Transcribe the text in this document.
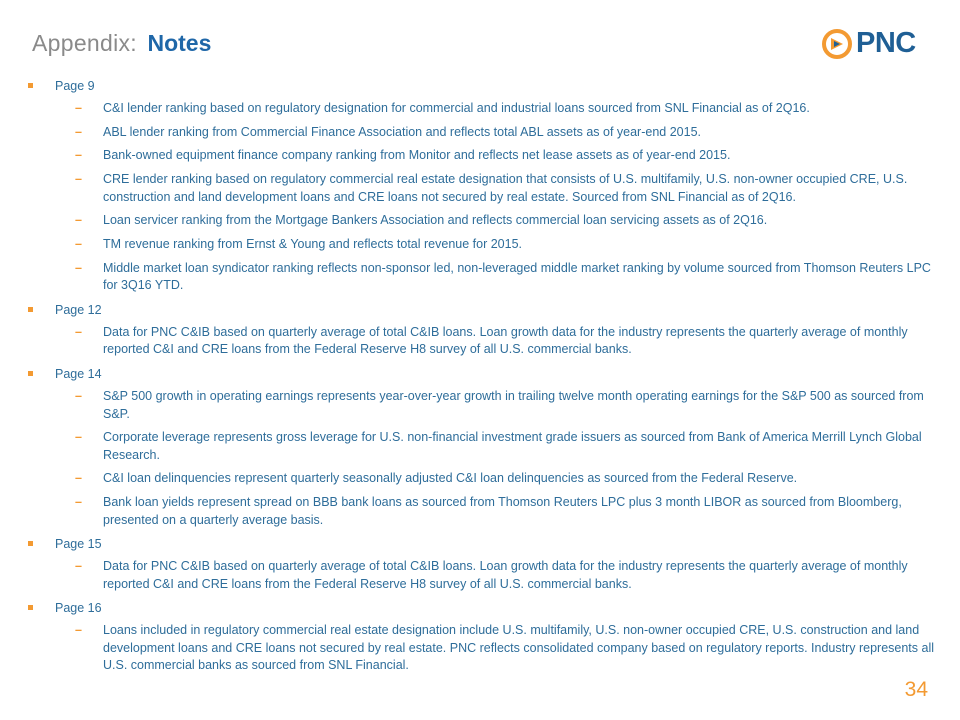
Appendix: Notes	PNC
Page 9
– C&I lender ranking based on regulatory designation for commercial and industrial loans sourced from SNL Financial as of 2Q16.
– ABL lender ranking from Commercial Finance Association and reflects total ABL assets as of year-end 2015.
– Bank-owned equipment finance company ranking from Monitor and reflects net lease assets as of year-end 2015.
– CRE lender ranking based on regulatory commercial real estate designation that consists of U.S. multifamily, U.S. non-owner occupied CRE, U.S. construction and land development loans and CRE loans not secured by real estate. Sourced from SNL Financial as of 2Q16.
– Loan servicer ranking from the Mortgage Bankers Association and reflects commercial loan servicing assets as of 2Q16.
– TM revenue ranking from Ernst & Young and reflects total revenue for 2015.
– Middle market loan syndicator ranking reflects non-sponsor led, non-leveraged middle market ranking by volume sourced from Thomson Reuters LPC for 3Q16 YTD.
Page 12
– Data for PNC C&IB based on quarterly average of total C&IB loans. Loan growth data for the industry represents the quarterly average of monthly reported C&I and CRE loans from the Federal Reserve H8 survey of all U.S. commercial banks.
Page 14
– S&P 500 growth in operating earnings represents year-over-year growth in trailing twelve month operating earnings for the S&P 500 as sourced from S&P.
– Corporate leverage represents gross leverage for U.S. non-financial investment grade issuers as sourced from Bank of America Merrill Lynch Global Research.
– C&I loan delinquencies represent quarterly seasonally adjusted C&I loan delinquencies as sourced from the Federal Reserve.
– Bank loan yields represent spread on BBB bank loans as sourced from Thomson Reuters LPC plus 3 month LIBOR as sourced from Bloomberg, presented on a quarterly average basis.
Page 15
– Data for PNC C&IB based on quarterly average of total C&IB loans. Loan growth data for the industry represents the quarterly average of monthly reported C&I and CRE loans from the Federal Reserve H8 survey of all U.S. commercial banks.
Page 16
– Loans included in regulatory commercial real estate designation include U.S. multifamily, U.S. non-owner occupied CRE, U.S. construction and land development loans and CRE loans not secured by real estate. PNC reflects consolidated company based on regulatory reports. Industry represents all U.S. commercial banks as sourced from SNL Financial.
34
